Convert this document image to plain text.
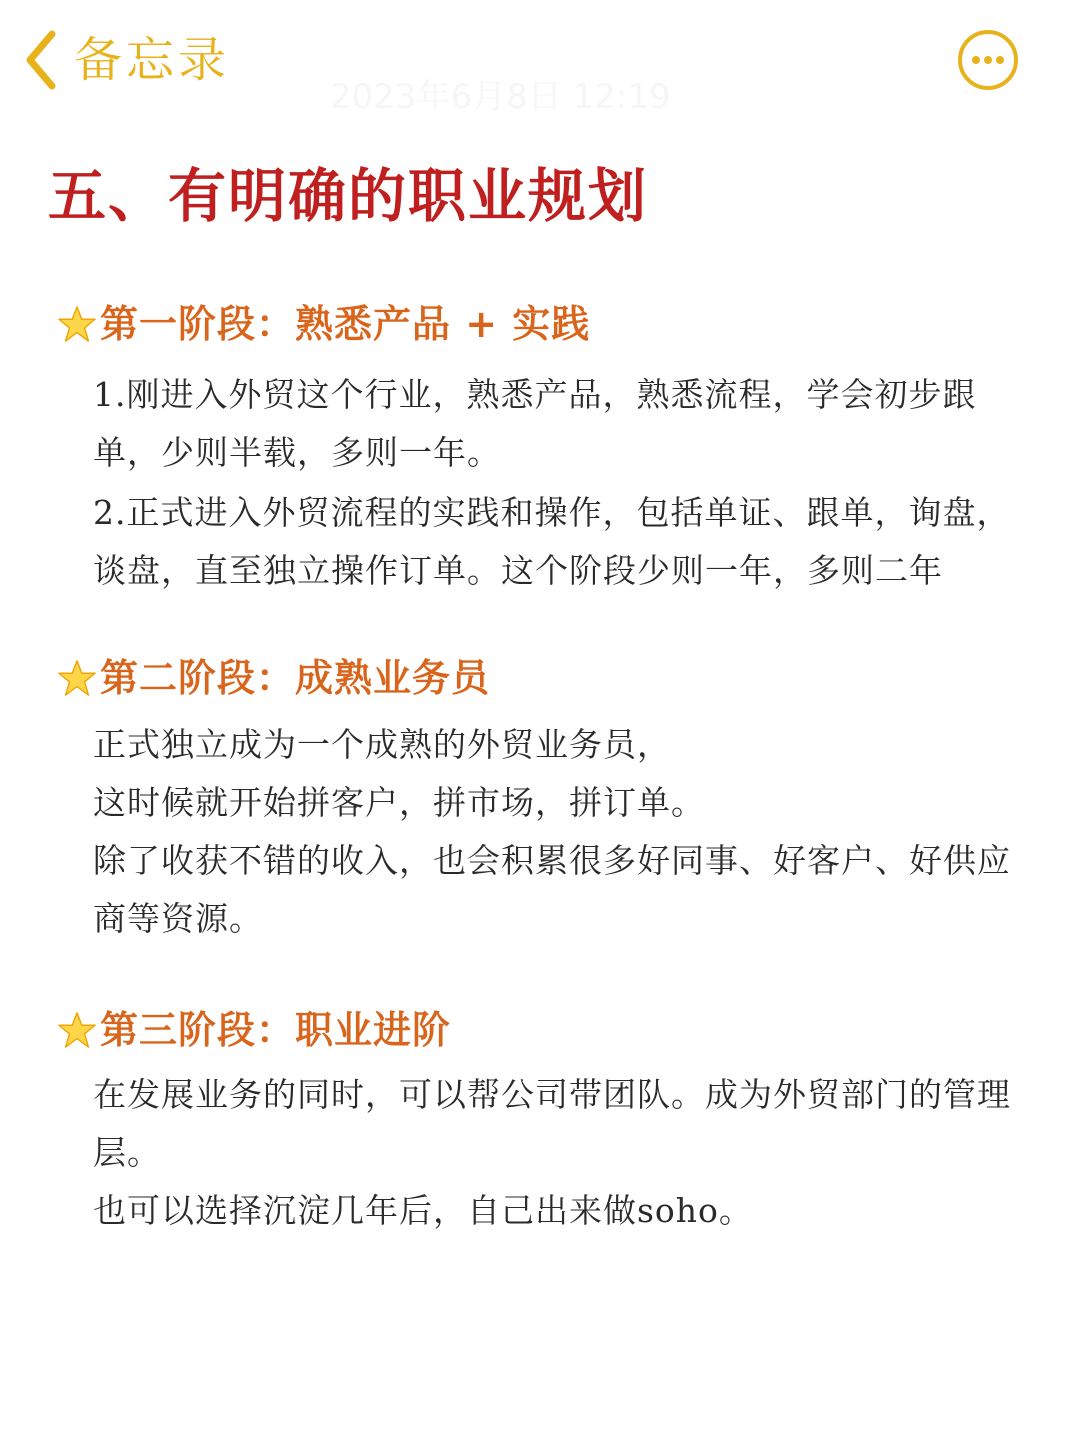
备忘录
2023年6月8日 12:19
五、有明确的职业规划
第一阶段：熟悉产品 + 实践

1.刚进入外贸这个行业，熟悉产品，熟悉流程，学会初步跟单，少则半载，多则一年。

2.正式进入外贸流程的实践和操作，包括单证、跟单，询盘，谈盘，直至独立操作订单。这个阶段少则一年，多则二年

第二阶段：成熟业务员

正式独立成为一个成熟的外贸业务员，

这时候就开始拼客户，拼市场，拼订单。

除了收获不错的收入，也会积累很多好同事、好客户、好供应商等资源。

第三阶段：职业进阶

在发展业务的同时，可以帮公司带团队。成为外贸部门的管理层。

也可以选择沉淀几年后，自己出来做soho。
